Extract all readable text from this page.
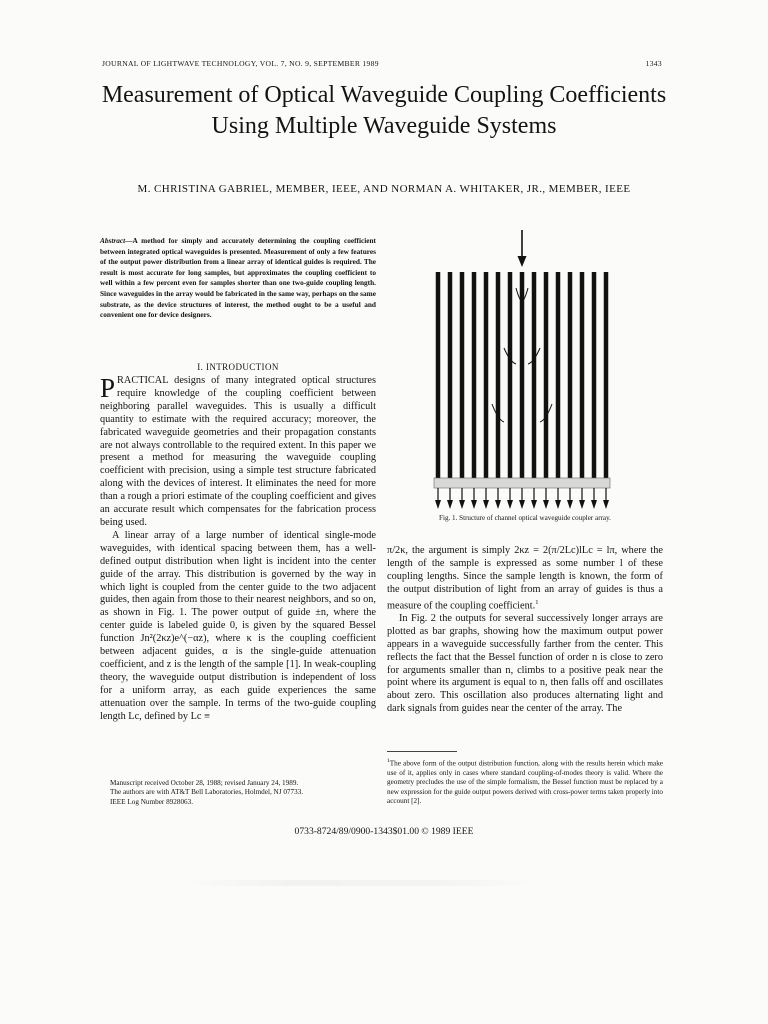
JOURNAL OF LIGHTWAVE TECHNOLOGY, VOL. 7, NO. 9, SEPTEMBER 1989	1343
Measurement of Optical Waveguide Coupling Coefficients Using Multiple Waveguide Systems
M. CHRISTINA GABRIEL, MEMBER, IEEE, AND NORMAN A. WHITAKER, JR., MEMBER, IEEE
Abstract—A method for simply and accurately determining the coupling coefficient between integrated optical waveguides is presented. Measurement of only a few features of the output power distribution from a linear array of identical guides is required. The result is most accurate for long samples, but approximates the coupling coefficient to well within a few percent even for samples shorter than one two-guide coupling length. Since waveguides in the array would be fabricated in the same way, perhaps on the same substrate, as the device structures of interest, the method ought to be a useful and convenient one for device designers.
I. INTRODUCTION

PRACTICAL designs of many integrated optical structures require knowledge of the coupling coefficient between neighboring parallel waveguides. This is usually a difficult quantity to estimate with the required accuracy; moreover, the fabricated waveguide geometries and their propagation constants are not always controllable to the required extent. In this paper we present a method for measuring the waveguide coupling coefficient with precision, using a simple test structure fabricated along with the devices of interest. It eliminates the need for more than a rough a priori estimate of the coupling coefficient and gives an accurate result which compensates for the fabrication process being used.

A linear array of a large number of identical single-mode waveguides, with identical spacing between them, has a well-defined output distribution when light is incident into the center guide of the array. This distribution is governed by the way in which light is coupled from the center guide to the two adjacent guides, then again from those to their nearest neighbors, and so on, as shown in Fig. 1. The power output of guide ±n, where the center guide is labeled guide 0, is given by the squared Bessel function Jn²(2κz)e^(−αz), where κ is the coupling coefficient between adjacent guides, α is the single-guide attenuation coefficient, and z is the length of the sample [1]. In weak-coupling theory, the waveguide output distribution is independent of loss for a uniform array, as each guide experiences the same attenuation over the sample. In terms of the two-guide coupling length Lc, defined by Lc ≡

Manuscript received October 28, 1988; revised January 24, 1989.
The authors are with AT&T Bell Laboratories, Holmdel, NJ 07733.
IEEE Log Number 8928063.
Fig. 1. Structure of channel optical waveguide coupler array.

π/2κ, the argument is simply 2κz = 2(π/2Lc)lLc = lπ, where the length of the sample is expressed as some number l of these coupling lengths. Since the sample length is known, the form of the output distribution of light from an array of guides is thus a measure of the coupling coefficient.$^1$

In Fig. 2 the outputs for several successively longer arrays are plotted as bar graphs, showing how the maximum output power appears in a waveguide successfully farther from the center. This reflects the fact that the Bessel function of order n is close to zero for arguments smaller than n, climbs to a positive peak near the point where its argument is equal to n, then falls off and oscillates about zero. This oscillation also produces alternating light and dark signals from guides near the center of the array. The

$^1$The above form of the output distribution function, along with the results herein which make use of it, applies only in cases where standard coupling-of-modes theory is valid. Where the geometry precludes the use of the simple formalism, the Bessel function must be replaced by a new expression for the guide output powers derived with cross-power terms taken properly into account [2].
0733-8724/89/0900-1343$01.00 © 1989 IEEE
